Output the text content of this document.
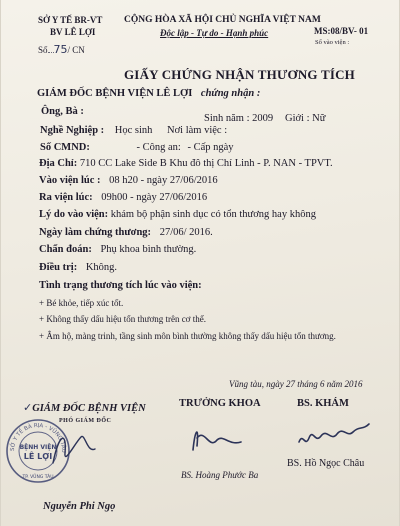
SỞ Y TẾ BR-VT
BV LÊ LỢI
Số 75/ CN
CỘNG HÒA XÃ HỘI CHỦ NGHĨA VIỆT NAM
Độc lập - Tự do - Hạnh phúc	MS:08/BV- 01
Số vào viện :
GIẤY CHỨNG NHẬN THƯƠNG TÍCH
GIÁM ĐỐC BỆNH VIỆN LÊ LỢI chứng nhận :
Ông, Bà :
Sinh năm : 2009 Giới : Nữ
Nghề Nghiệp : Học sinh Nơi làm việc :
Số CMND:	- Công an: - Cấp ngày
Địa Chỉ: 710 CC Lake Side B Khu đô thị Chí Linh - P. NAN - TPVT.
Vào viện lúc : 08 h20 - ngày 27/06/2016
Ra viện lúc: 09h00 - ngày 27/06/2016
Lý do vào viện: khám bộ phận sinh dục có tổn thương hay không
Ngày làm chứng thương: 27/06/ 2016.
Chẩn đoán: Phụ khoa bình thường.
Điều trị: Không.
Tình trạng thương tích lúc vào viện:
+ Bé khỏe, tiếp xúc tốt.
+ Không thấy dấu hiệu tổn thương trên cơ thể.
+ Âm hộ, màng trinh, tầng sinh môn bình thường không thấy dấu hiệu tổn thương.
Vũng tàu, ngày 27 tháng 6 năm 2016
✓GIÁM ĐỐC BỆNH VIỆN
PHÓ GIÁM ĐỐC
TRƯỞNG KHOA	BS. KHÁM
SỞ Y TẾ BÀ RỊA - VŨNG TÀU
BỆNH VIỆN
LÊ LỢI
TP. VŨNG TÀU	BS. Hoàng Phước Ba
BS. Hồ Ngọc Châu
Nguyễn Phi Ngọ
